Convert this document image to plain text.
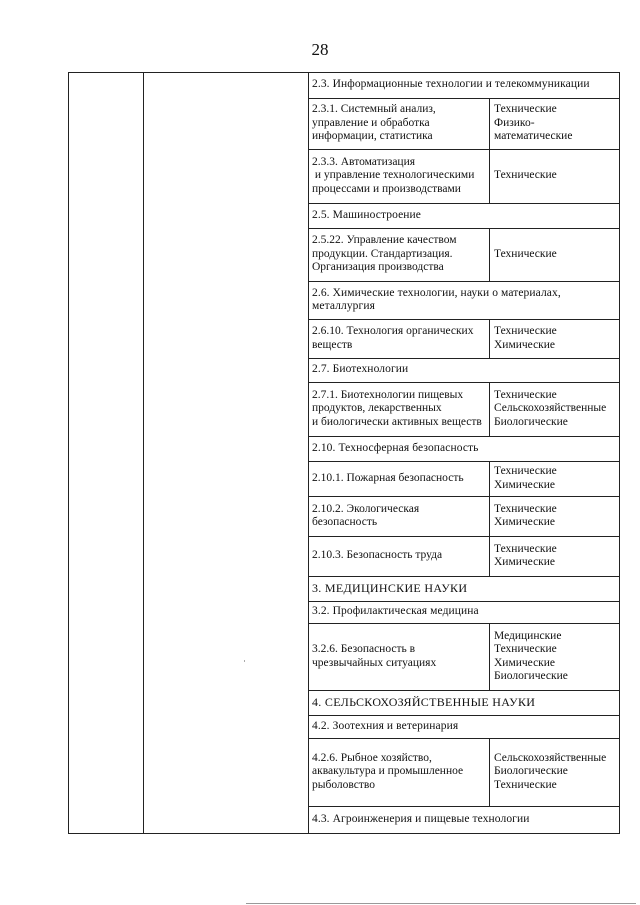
28
2.3. Информационные технологии и телекоммуникации
2.3.1. Системный анализ,
управление и обработка
информации, статистика
Технические
Физико-
математические
2.3.3. Автоматизация
и управление технологическими
процессами и производствами
Технические
2.5. Машиностроение
2.5.22. Управление качеством
продукции. Стандартизация.
Организация производства
Технические
2.6. Химические технологии, науки о материалах,
металлургия
2.6.10. Технология органических
веществ
Технические
Химические
2.7. Биотехнологии
2.7.1. Биотехнологии пищевых
продуктов, лекарственных
и биологически активных веществ
Технические
Сельскохозяйственные
Биологические
2.10. Техносферная безопасность
2.10.1. Пожарная безопасность
Технические
Химические
2.10.2. Экологическая
безопасность
Технические
Химические
2.10.3. Безопасность труда
Технические
Химические
3. МЕДИЦИНСКИЕ НАУКИ
3.2. Профилактическая медицина
3.2.6. Безопасность в
чрезвычайных ситуациях
Медицинские
Технические
Химические
Биологические
4. СЕЛЬСКОХОЗЯЙСТВЕННЫЕ НАУКИ
4.2. Зоотехния и ветеринария
4.2.6. Рыбное хозяйство,
аквакультура и промышленное
рыболовство
Сельскохозяйственные
Биологические
Технические
4.3. Агроинженерия и пищевые технологии
